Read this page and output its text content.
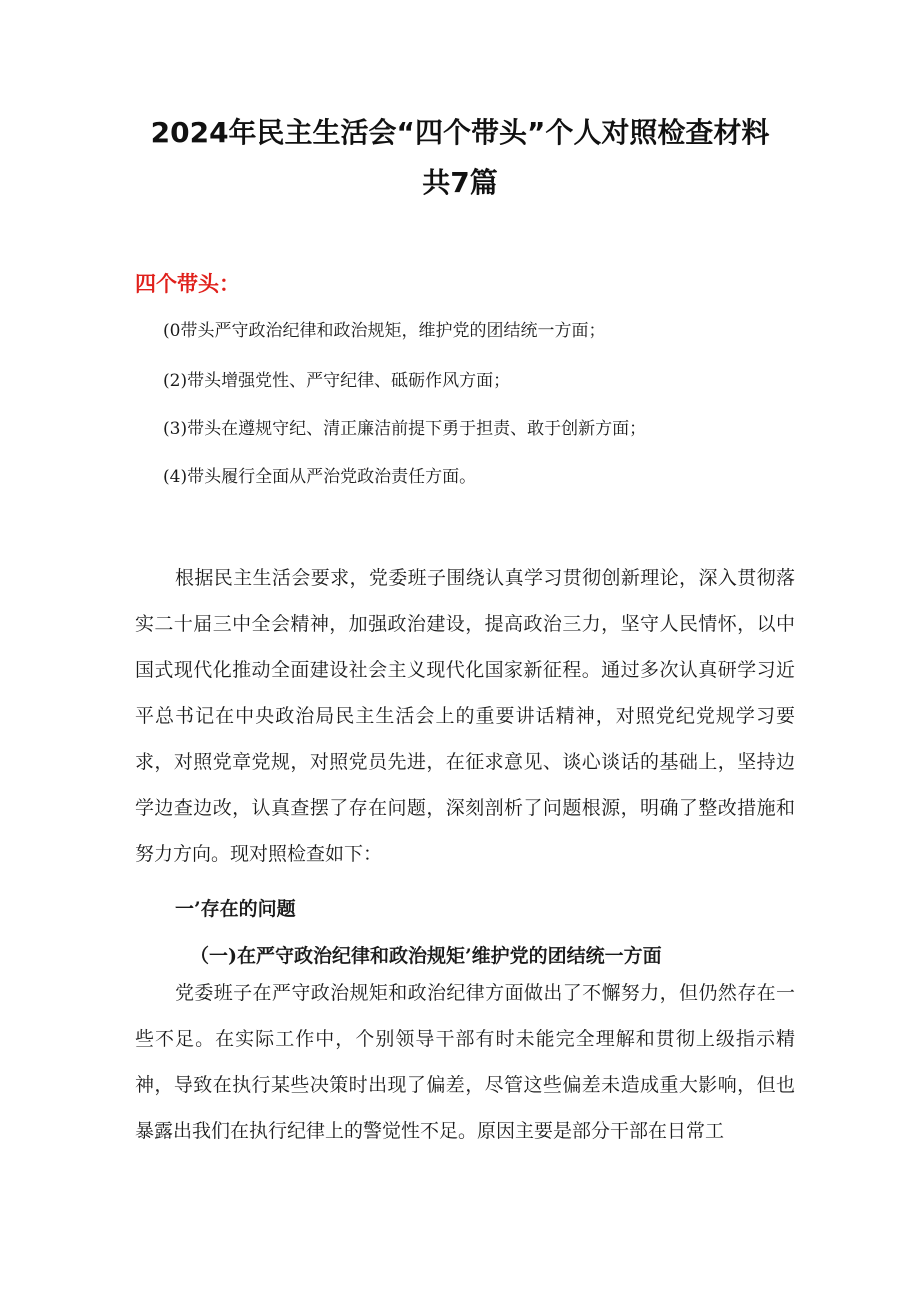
2024年民主生活会“四个带头”个人对照检查材料
共7篇
四个带头：

(0带头严守政治纪律和政治规矩，维护党的团结统一方面；

(2)带头增强党性、严守纪律、砥砺作风方面；

(3)带头在遵规守纪、清正廉洁前提下勇于担责、敢于创新方面；

(4)带头履行全面从严治党政治责任方面。

根据民主生活会要求，党委班子围绕认真学习贯彻创新理论，深入贯彻落实二十届三中全会精神，加强政治建设，提高政治三力，坚守人民情怀，以中国式现代化推动全面建设社会主义现代化国家新征程。通过多次认真研学习近平总书记在中央政治局民主生活会上的重要讲话精神，对照党纪党规学习要求，对照党章党规，对照党员先进，在征求意见、谈心谈话的基础上，坚持边学边查边改，认真查摆了存在问题，深刻剖析了问题根源，明确了整改措施和努力方向。现对照检查如下：

一’存在的问题
（一)在严守政治纪律和政治规矩’维护党的团结统一方面

党委班子在严守政治规矩和政治纪律方面做出了不懈努力，但仍然存在一些不足。在实际工作中，个别领导干部有时未能完全理解和贯彻上级指示精神，导致在执行某些决策时出现了偏差，尽管这些偏差未造成重大影响，但也暴露出我们在执行纪律上的警觉性不足。原因主要是部分干部在日常工
